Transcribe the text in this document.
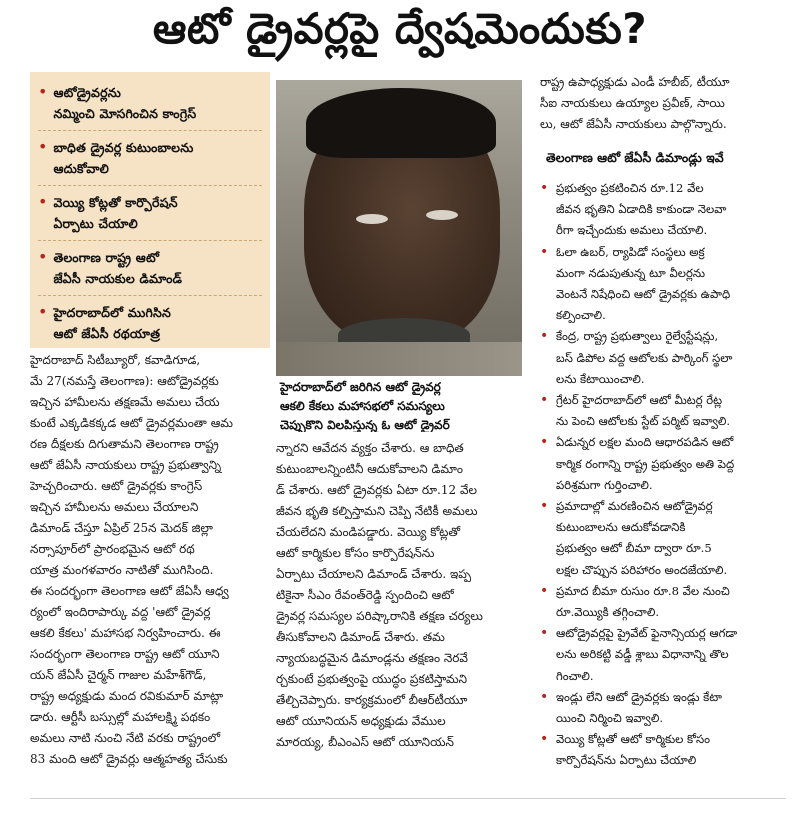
ఆటో డ్రైవర్లపై ద్వేషమెందుకు?
• ఆటోడ్రైవర్లను
నమ్మించి మోసగించిన కాంగ్రెస్
• బాధిత డ్రైవర్ల కుటుంబాలను
ఆదుకోవాలి
• వెయ్యి కోట్లతో కార్పొరేషన్
ఏర్పాటు చేయాలి
• తెలంగాణ రాష్ట్ర ఆటో
జేఏసీ నాయకుల డిమాండ్
• హైదరాబాద్‌లో ముగిసిన
ఆటో జేఏసీ రథయాత్ర
హైదరాబాద్‌లో జరిగిన ఆటో డ్రైవర్ల
ఆకలి కేకలు మహాసభలో సమస్యలు
చెప్పుకొని విలపిస్తున్న ఓ ఆటో డ్రైవర్
హైదరాబాద్ సిటీబ్యూరో, కవాడిగూడ,
మే 27(నమస్తే తెలంగాణ): ఆటోడ్రైవర్లకు
ఇచ్చిన హామీలను తక్షణమే అమలు చేయ
కుంటే ఎక్కడికక్కడ ఆటో డ్రైవర్లమంతా ఆమ
రణ దీక్షలకు దిగుతామని తెలంగాణ రాష్ట్ర
ఆటో జేఏసీ నాయకులు రాష్ట్ర ప్రభుత్వాన్ని
హెచ్చరించారు. ఆటో డ్రైవర్లకు కాంగ్రెస్
ఇచ్చిన హామీలను అమలు చేయాలని
డిమాండ్ చేస్తూ ఏప్రిల్ 25న మెదక్ జిల్లా
నర్సాపూర్‌లో ప్రారంభమైన ఆటో రథ
యాత్ర మంగళవారం నాటితో ముగిసింది.
ఈ సందర్భంగా తెలంగాణ ఆటో జేఏసీ ఆధ్వ
ర్యంలో ఇందిరాపార్కు వద్ద 'ఆటో డ్రైవర్ల
ఆకలి కేకలు' మహాసభ నిర్వహించారు. ఈ
సందర్భంగా తెలంగాణ రాష్ట్ర ఆటో యూని
యన్ జేఏసీ చైర్మన్ గాజుల మహేశ్‌గౌడ్,
రాష్ట్ర అధ్యక్షుడు మంద రవికుమార్ మాట్లా
డారు. ఆర్టీసీ బస్సుల్లో మహాలక్ష్మి పథకం
అమలు నాటి నుంచి నేటి వరకు రాష్ట్రంలో
83 మంది ఆటో డ్రైవర్లు ఆత్మహత్య చేసుకు
న్నారని ఆవేదన వ్యక్తం చేశారు. ఆ బాధిత
కుటుంబాలన్నింటినీ ఆదుకోవాలని డిమాం
డ్ చేశారు. ఆటో డ్రైవర్లకు ఏటా రూ.12 వేల
జీవన భృతి కల్పిస్తామని చెప్పి నేటికీ అమలు
చేయలేదని మండిపడ్డారు. వెయ్యి కోట్లతో
ఆటో కార్మికుల కోసం కార్పొరేషన్‌ను
ఏర్పాటు చేయాలని డిమాండ్ చేశారు. ఇప్ప
టికైనా సీఎం రేవంత్‌రెడ్డి స్పందించి ఆటో
డ్రైవర్ల సమస్యల పరిష్కారానికి తక్షణ చర్యలు
తీసుకోవాలని డిమాండ్ చేశారు. తమ
న్యాయబద్ధమైన డిమాండ్లను తక్షణం నెరవే
ర్చకుంటే ప్రభుత్వంపై యుద్ధం ప్రకటిస్తామని
తేల్చిచెప్పారు. కార్యక్రమంలో బీఆర్‌టీయూ
ఆటో యూనియన్ అధ్యక్షుడు వేముల
మారయ్య, బీఎంఎస్ ఆటో యూనియన్
రాష్ట్ర ఉపాధ్యక్షుడు ఎండీ హబీబ్, టీయూ
సీఐ నాయకులు ఉయ్యాల ప్రవీణ్, సాయి
లు, ఆటో జేఏసీ నాయకులు పాల్గొన్నారు.
తెలంగాణ ఆటో జేఏసీ డిమాండ్లు ఇవే
• ప్రభుత్వం ప్రకటించిన రూ.12 వేల
జీవన భృతిని ఏడాదికి కాకుండా నెలవా
రీగా ఇచ్చేందుకు అమలు చేయాలి.
• ఓలా ఉబర్, ర్యాపిడో సంస్థలు అక్ర
మంగా నడుపుతున్న టూ వీలర్లను
వెంటనే నిషేధించి ఆటో డ్రైవర్లకు ఉపాధి
కల్పించాలి.
• కేంద్ర, రాష్ట్ర ప్రభుత్వాలు రైల్వేస్టేషన్లు,
బస్ డిపోల వద్ద ఆటోలకు పార్కింగ్ స్థలా
లను కేటాయించాలి.
• గ్రేటర్ హైదరాబాద్‌లో ఆటో మీటర్ల రేట్ల
ను పెంచి ఆటోలకు స్టేట్ పర్మిట్ ఇవ్వాలి.
• ఏడున్నర లక్షల మంది ఆధారపడిన ఆటో
కార్మిక రంగాన్ని రాష్ట్ర ప్రభుత్వం అతి పెద్ద
పరిశ్రమగా గుర్తించాలి.
• ప్రమాదాల్లో మరణించిన ఆటోడ్రైవర్ల
కుటుంబాలను ఆదుకోవడానికి
ప్రభుత్వం ఆటో బీమా ద్వారా రూ.5
లక్షల చొప్పున పరిహారం అందజేయాలి.
• ప్రమాద బీమా రుసుం రూ.8 వేల నుంచి
రూ.వెయ్యికి తగ్గించాలి.
• ఆటోడ్రైవర్లపై ప్రైవేట్ ఫైనాన్సియర్ల ఆగడా
లను అరికట్టి వడ్డీ శ్లాబు విధానాన్ని తొల
గించాలి.
• ఇండ్లు లేని ఆటో డ్రైవర్లకు ఇండ్లు కేటా
యించి నిర్మించి ఇవ్వాలి.
• వెయ్యి కోట్లతో ఆటో కార్మికుల కోసం
కార్పొరేషన్‌ను ఏర్పాటు చేయాలి
